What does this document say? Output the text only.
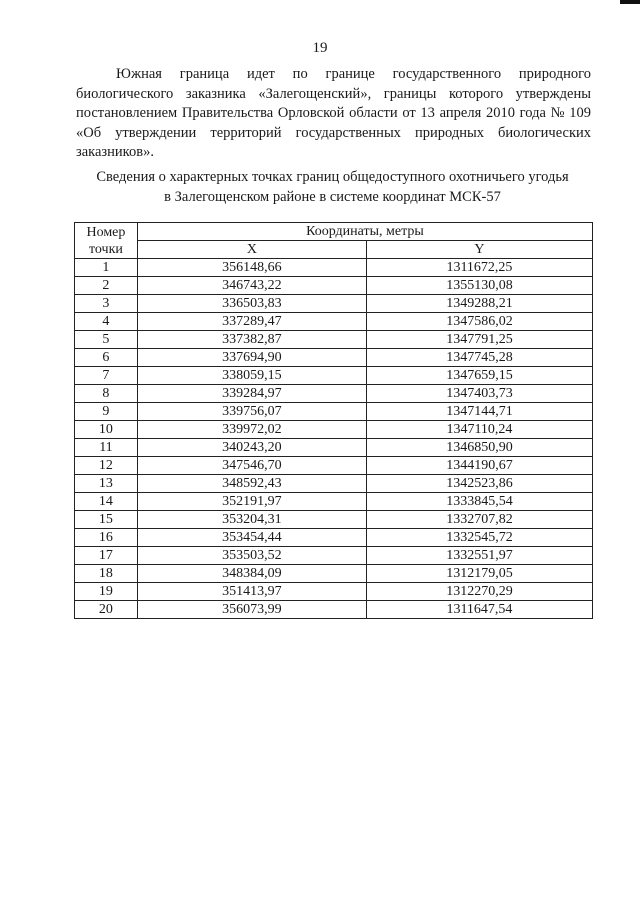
19

Южная граница идет по границе государственного природного биологического заказника «Залегощенский», границы которого утверждены постановлением Правительства Орловской области от 13 апреля 2010 года № 109 «Об утверждении территорий государственных природных биологических заказников».

Сведения о характерных точках границ общедоступного охотничьего угодья
в Залегощенском районе в системе координат МСК-57
Номер
точки	Координаты, метры	
	X	Y
1	356148,66	1311672,25
2	346743,22	1355130,08
3	336503,83	1349288,21
4	337289,47	1347586,02
5	337382,87	1347791,25
6	337694,90	1347745,28
7	338059,15	1347659,15
8	339284,97	1347403,73
9	339756,07	1347144,71
10	339972,02	1347110,24
11	340243,20	1346850,90
12	347546,70	1344190,67
13	348592,43	1342523,86
14	352191,97	1333845,54
15	353204,31	1332707,82
16	353454,44	1332545,72
17	353503,52	1332551,97
18	348384,09	1312179,05
19	351413,97	1312270,29
20	356073,99	1311647,54
